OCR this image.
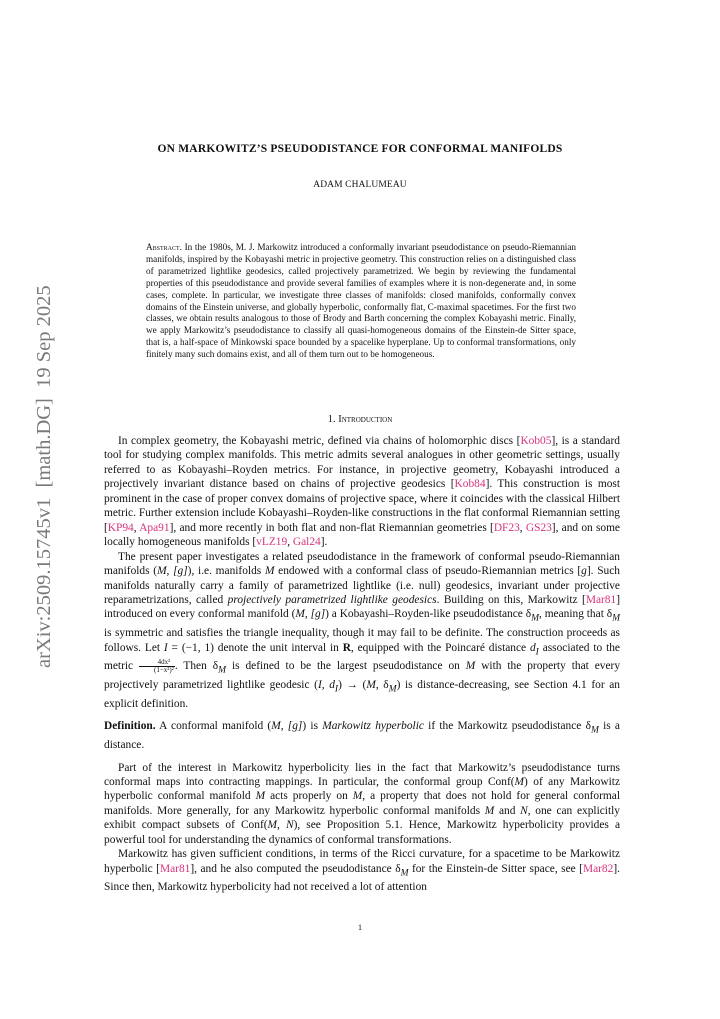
arXiv:2509.15745v1  [math.DG]  19 Sep 2025
ON MARKOWITZ’S PSEUDODISTANCE FOR CONFORMAL MANIFOLDS
ADAM CHALUMEAU
Abstract. In the 1980s, M. J. Markowitz introduced a conformally invariant pseudodistance on pseudo-Riemannian manifolds, inspired by the Kobayashi metric in projective geometry. This construction relies on a distinguished class of parametrized lightlike geodesics, called projectively parametrized. We begin by reviewing the fundamental properties of this pseudodistance and provide several families of examples where it is non-degenerate and, in some cases, complete. In particular, we investigate three classes of manifolds: closed manifolds, conformally convex domains of the Einstein universe, and globally hyperbolic, conformally flat, C-maximal spacetimes. For the first two classes, we obtain results analogous to those of Brody and Barth concerning the complex Kobayashi metric. Finally, we apply Markowitz’s pseudodistance to classify all quasi-homogeneous domains of the Einstein-de Sitter space, that is, a half-space of Minkowski space bounded by a spacelike hyperplane. Up to conformal transformations, only finitely many such domains exist, and all of them turn out to be homogeneous.
1. Introduction

In complex geometry, the Kobayashi metric, defined via chains of holomorphic discs [Kob05], is a standard tool for studying complex manifolds. This metric admits several analogues in other geometric settings, usually referred to as Kobayashi–Royden metrics. For instance, in projective geometry, Kobayashi introduced a projectively invariant distance based on chains of projective geodesics [Kob84]. This construction is most prominent in the case of proper convex domains of projective space, where it coincides with the classical Hilbert metric. Further extension include Kobayashi–Royden-like constructions in the flat conformal Riemannian setting [KP94, Apa91], and more recently in both flat and non-flat Riemannian geometries [DF23, GS23], and on some locally homogeneous manifolds [vLZ19, Gal24].

The present paper investigates a related pseudodistance in the framework of conformal pseudo-Riemannian manifolds (M, [g]), i.e. manifolds M endowed with a conformal class of pseudo-Riemannian metrics [g]. Such manifolds naturally carry a family of parametrized lightlike (i.e. null) geodesics, invariant under projective reparametrizations, called projectively parametrized lightlike geodesics. Building on this, Markowitz [Mar81] introduced on every conformal manifold (M, [g]) a Kobayashi–Royden-like pseudodistance $\delta_M$, meaning that $\delta_M$ is symmetric and satisfies the triangle inequality, though it may fail to be definite. The construction proceeds as follows. Let I = (−1, 1) denote the unit interval in R, equipped with the Poincaré distance $d_I$ associated to the metric $\frac{\text{4dx²}}{\text{(1−x²)²}}$ . Then $\delta_M$ is defined to be the largest pseudodistance on M with the property that every projectively parametrized lightlike geodesic (I, $d_I) \to (M$, $\delta_M$) is distance-decreasing, see Section 4.1 for an explicit definition.

Definition. A conformal manifold (M, [g]) is Markowitz hyperbolic if the Markowitz pseudodistance $\delta_M$ is a distance.

Part of the interest in Markowitz hyperbolicity lies in the fact that Markowitz’s pseudodistance turns conformal maps into contracting mappings. In particular, the conformal group Conf(M) of any Markowitz hyperbolic conformal manifold M acts properly on M, a property that does not hold for general conformal manifolds. More generally, for any Markowitz hyperbolic conformal manifolds M and N, one can explicitly exhibit compact subsets of Conf(M, N), see Proposition 5.1. Hence, Markowitz hyperbolicity provides a powerful tool for understanding the dynamics of conformal transformations.

Markowitz has given sufficient conditions, in terms of the Ricci curvature, for a spacetime to be Markowitz hyperbolic [Mar81], and he also computed the pseudodistance $\delta_M$ for the Einstein-de Sitter space, see [Mar82]. Since then, Markowitz hyperbolicity had not received a lot of attention

1
